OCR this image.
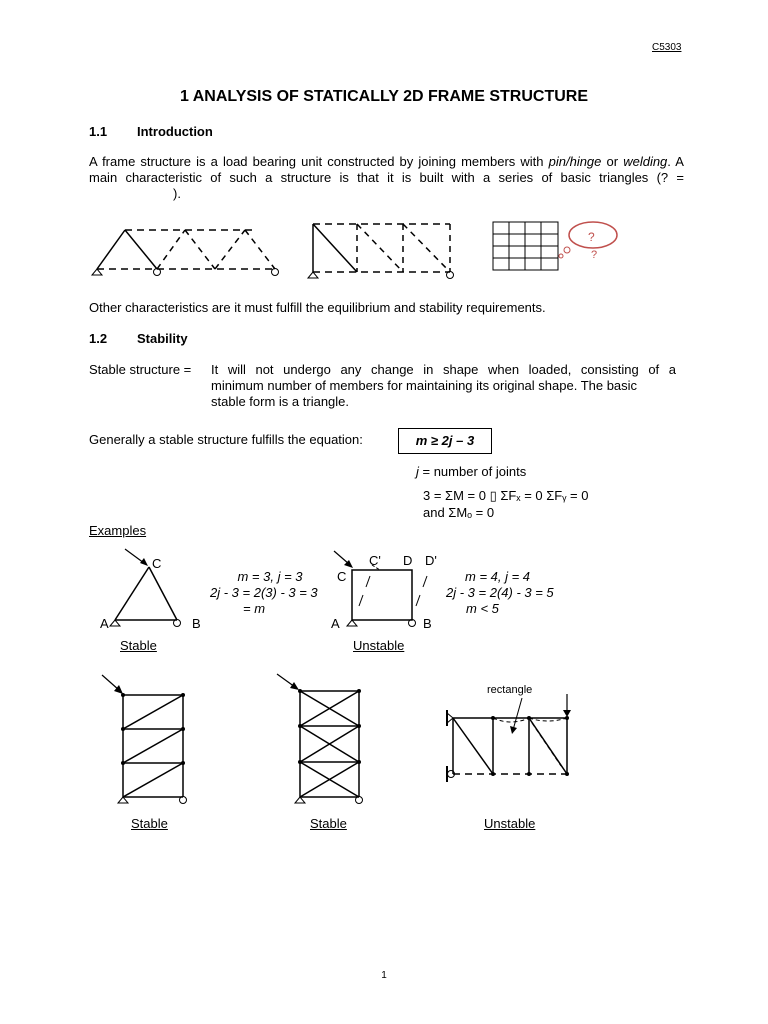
C5303
1 ANALYSIS OF STATICALLY 2D FRAME STRUCTURE
1.1 Introduction
A frame structure is a load bearing unit constructed by joining members with pin/hinge or welding. A main characteristic of such a structure is that it is built with a series of basic triangles (? = ).
?
?
Other characteristics are it must fulfill the equilibrium and stability requirements.
1.2 Stability
Stable structure = It will not undergo any change in shape when loaded, consisting of a
minimum number of members for maintaining its original shape. The basic
stable form is a triangle.
Generally a stable structure fulfills the equation:	m ≥ 2j – 3
j = number of joints
3 = ΣM = 0 ▯ ΣFₓ = 0 ΣFᵧ = 0
and ΣMₒ = 0
Examples
C
A	B
m = 3, j = 3
2j - 3 = 2(3) - 3 = 3
= m
Stable
C
C' D D'
A	B
m = 4, j = 4
2j - 3 = 2(4) - 3 = 5
m < 5
Unstable
rectangle
Stable	Stable	Unstable
1
